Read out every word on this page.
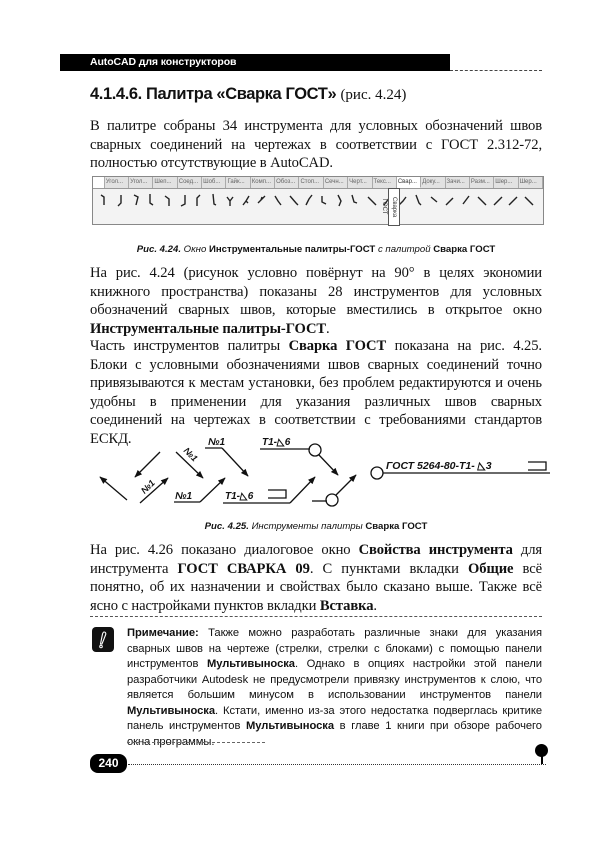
AutoCAD для конструкторов
4.1.4.6. Палитра «Сварка ГОСТ» (рис. 4.24)
В палитре собраны 34 инструмента для условных обозначений швов сварных соединений на чертежах в соответствии с ГОСТ 2.312-72, полностью отсутствующие в AutoCAD.
Угол...	Угол...	Шеп...	Соед... Шоб...	Гайк...	Комп... Обоз... Стоп... Сечн... Черт...	Текс...	Свар... Доку...	Зачи...	Разм... Шер...	Шер...
Сварка ГОСТ
Рис. 4.24. Окно Инструментальные палитры-ГОСТ с палитрой Сварка ГОСТ
На рис. 4.24 (рисунок условно повёрнут на 90° в целях экономии книжного пространства) показаны 28 инструментов для условных обозначений сварных швов, которые вместились в открытое окно Инструментальные палитры-ГОСТ.
Часть инструментов палитры Сварка ГОСТ показана на рис. 4.25. Блоки с условными обозначениями швов сварных соединений точно привязываются к местам установки, без проблем редактируются и очень удобны в применении для указания различных швов сварных соединений на чертежах в соответствии с требованиями стандартов ЕСКД.
№1
№1
№1
№1	T1-◺6
T1-◺6
ГОСТ 5264-80-Т1- ◺3
Рис. 4.25. Инструменты палитры Сварка ГОСТ
На рис. 4.26 показано диалоговое окно Свойства инструмента для инструмента ГОСТ СВАРКА 09. С пунктами вкладки Общие всё понятно, об их назначении и свойствах было сказано выше. Также всё ясно с настройками пунктов вкладки Вставка.
Примечание: Также можно разработать различные знаки для указания сварных швов на чертеже (стрелки, стрелки с блоками) с помощью панели инструментов Мультивыноска. Однако в опциях настройки этой панели разработчики Autodesk не предусмотрели привязку инструментов к слою, что является большим минусом в использовании инструментов панели Мультивыноска. Кстати, именно из-за этого недостатка подверглась критике панель инструментов Мультивыноска в главе 1 книги при обзоре рабочего окна программы.
240
